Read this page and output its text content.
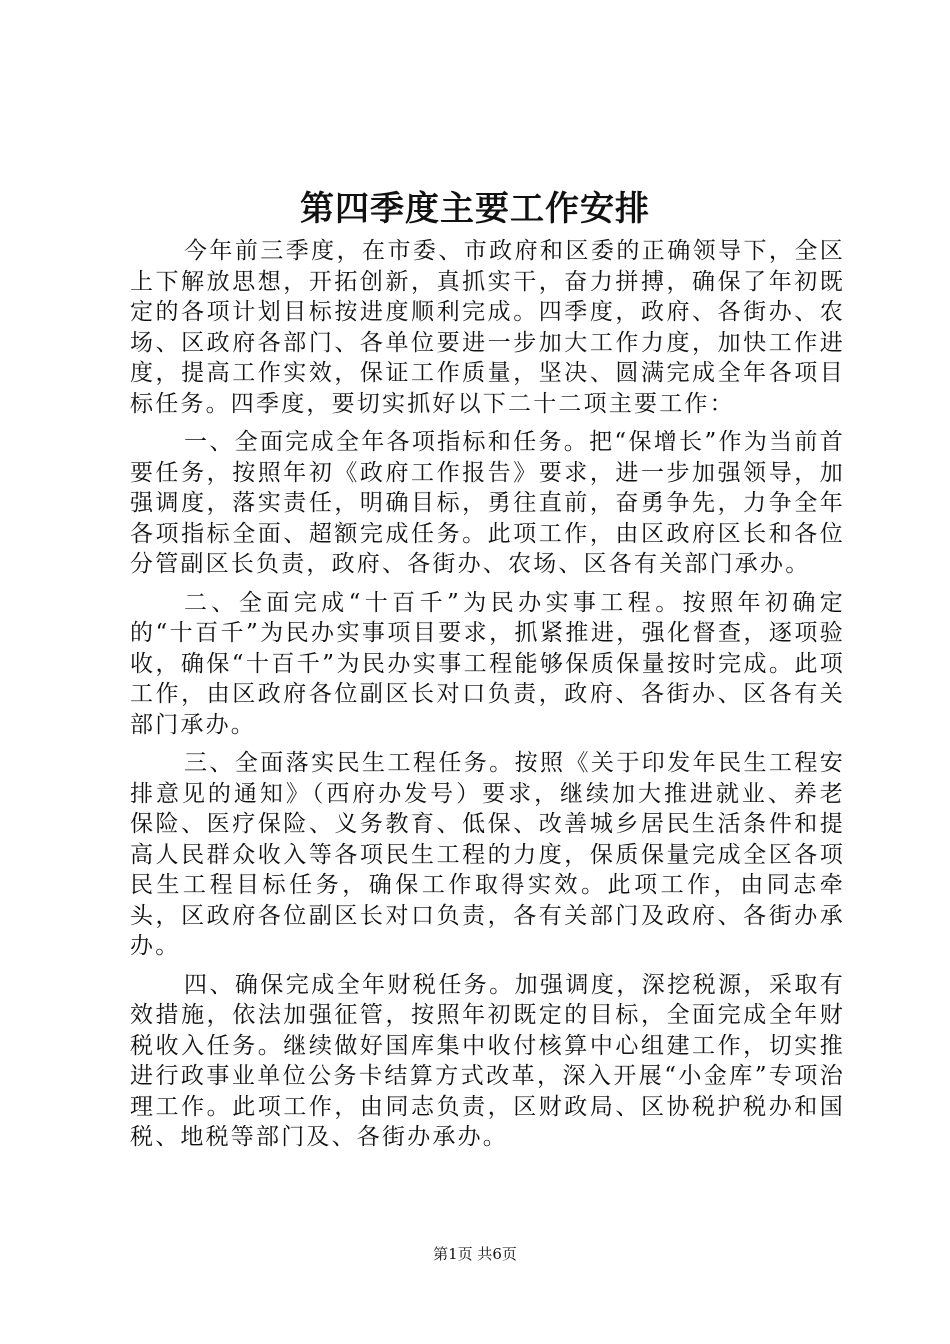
第四季度主要工作安排

今年前三季度，在市委、市政府和区委的正确领导下，全区上下解放思想，开拓创新，真抓实干，奋力拼搏，确保了年初既定的各项计划目标按进度顺利完成。四季度，政府、各街办、农场、区政府各部门、各单位要进一步加大工作力度，加快工作进度，提高工作实效，保证工作质量，坚决、圆满完成全年各项目标任务。四季度，要切实抓好以下二十二项主要工作：

一、全面完成全年各项指标和任务。把“保增长”作为当前首要任务，按照年初《政府工作报告》要求，进一步加强领导，加强调度，落实责任，明确目标，勇往直前，奋勇争先，力争全年各项指标全面、超额完成任务。此项工作，由区政府区长和各位分管副区长负责，政府、各街办、农场、区各有关部门承办。

二、全面完成“十百千”为民办实事工程。按照年初确定的“十百千”为民办实事项目要求，抓紧推进，强化督查，逐项验收，确保“十百千”为民办实事工程能够保质保量按时完成。此项工作，由区政府各位副区长对口负责，政府、各街办、区各有关部门承办。

三、全面落实民生工程任务。按照《关于印发年民生工程安排意见的通知》（西府办发号）要求，继续加大推进就业、养老保险、医疗保险、义务教育、低保、改善城乡居民生活条件和提高人民群众收入等各项民生工程的力度，保质保量完成全区各项民生工程目标任务，确保工作取得实效。此项工作，由同志牵头，区政府各位副区长对口负责，各有关部门及政府、各街办承办。

四、确保完成全年财税任务。加强调度，深挖税源，采取有效措施，依法加强征管，按照年初既定的目标，全面完成全年财税收入任务。继续做好国库集中收付核算中心组建工作，切实推进行政事业单位公务卡结算方式改革，深入开展“小金库”专项治理工作。此项工作，由同志负责，区财政局、区协税护税办和国税、地税等部门及、各街办承办。

第1页 共6页
